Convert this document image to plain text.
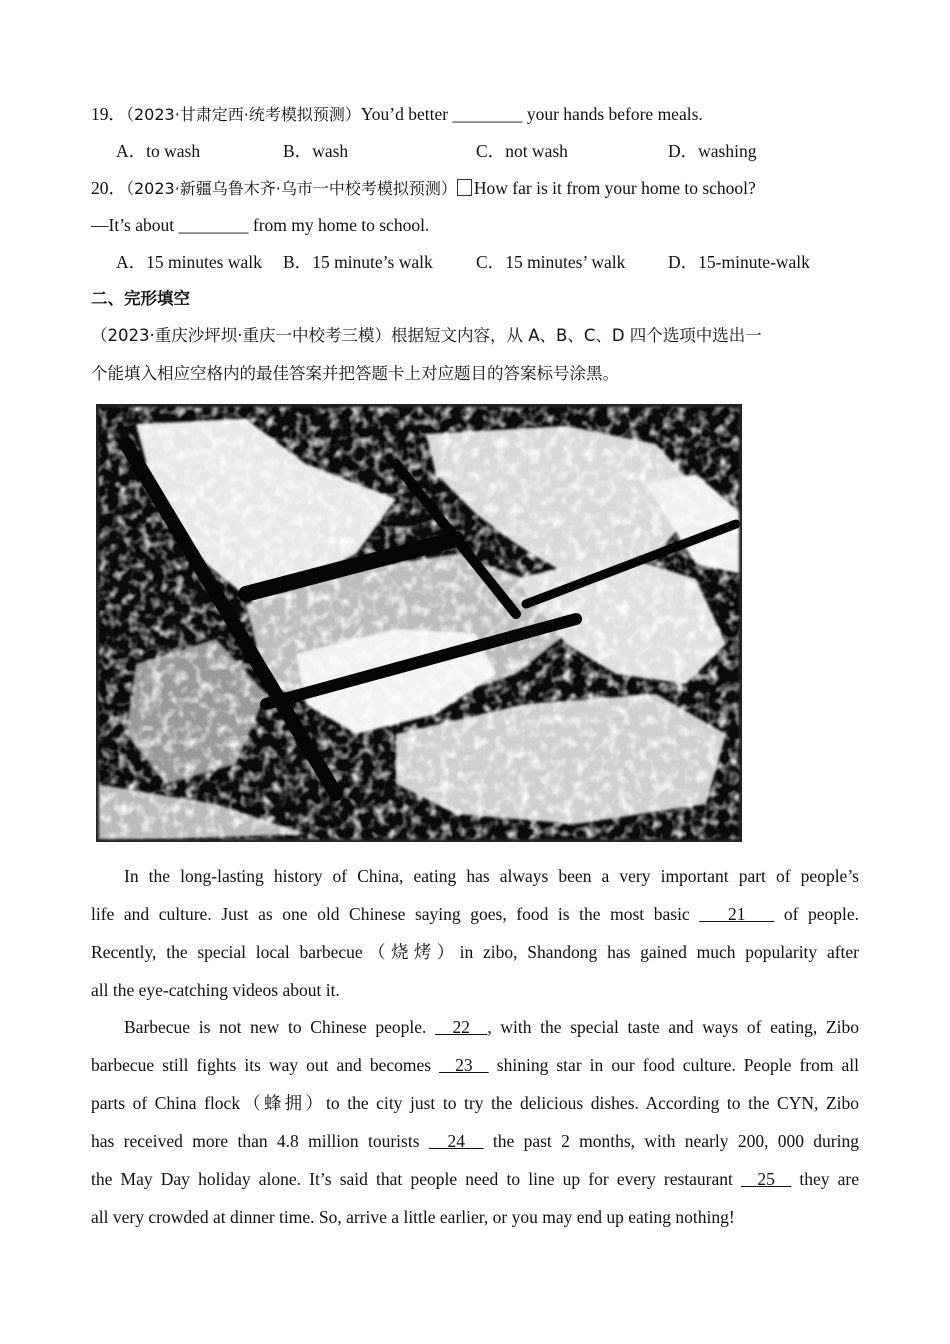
19．（2023·甘肃定西·统考模拟预测）You’d better ________ your hands before meals.
A．to wash	B．wash	C．not wash	D．washing
20．（2023·新疆乌鲁木齐·乌市一中校考模拟预测） How far is it from your home to school?
—It’s about ________ from my home to school.
A．15 minutes walk B．15 minute’s walk C．15 minutes’ walk D．15-minute-walk
二、完形填空
（2023·重庆沙坪坝·重庆一中校考三模）根据短文内容，从 A、B、C、D 四个选项中选出一
个能填入相应空格内的最佳答案并把答题卡上对应题目的答案标号涂黑。
In the long-lasting history of China, eating has always been a very important part of people’s
life and culture. Just as one old Chinese saying goes, food is the most basic    21    of people.
Recently, the special local barbecue（烧烤）in zibo, Shandong has gained much popularity after
all the eye-catching videos about it.
Barbecue is not new to Chinese people.   22  , with the special taste and ways of eating, Zibo
barbecue still fights its way out and becomes   23   shining star in our food culture. People from all
parts of China flock（蜂拥）to the city just to try the delicious dishes. According to the CYN, Zibo
has received more than 4.8 million tourists   24   the past 2 months, with nearly 200, 000 during
the May Day holiday alone. It’s said that people need to line up for every restaurant   25   they are
all very crowded at dinner time. So, arrive a little earlier, or you may end up eating nothing!
